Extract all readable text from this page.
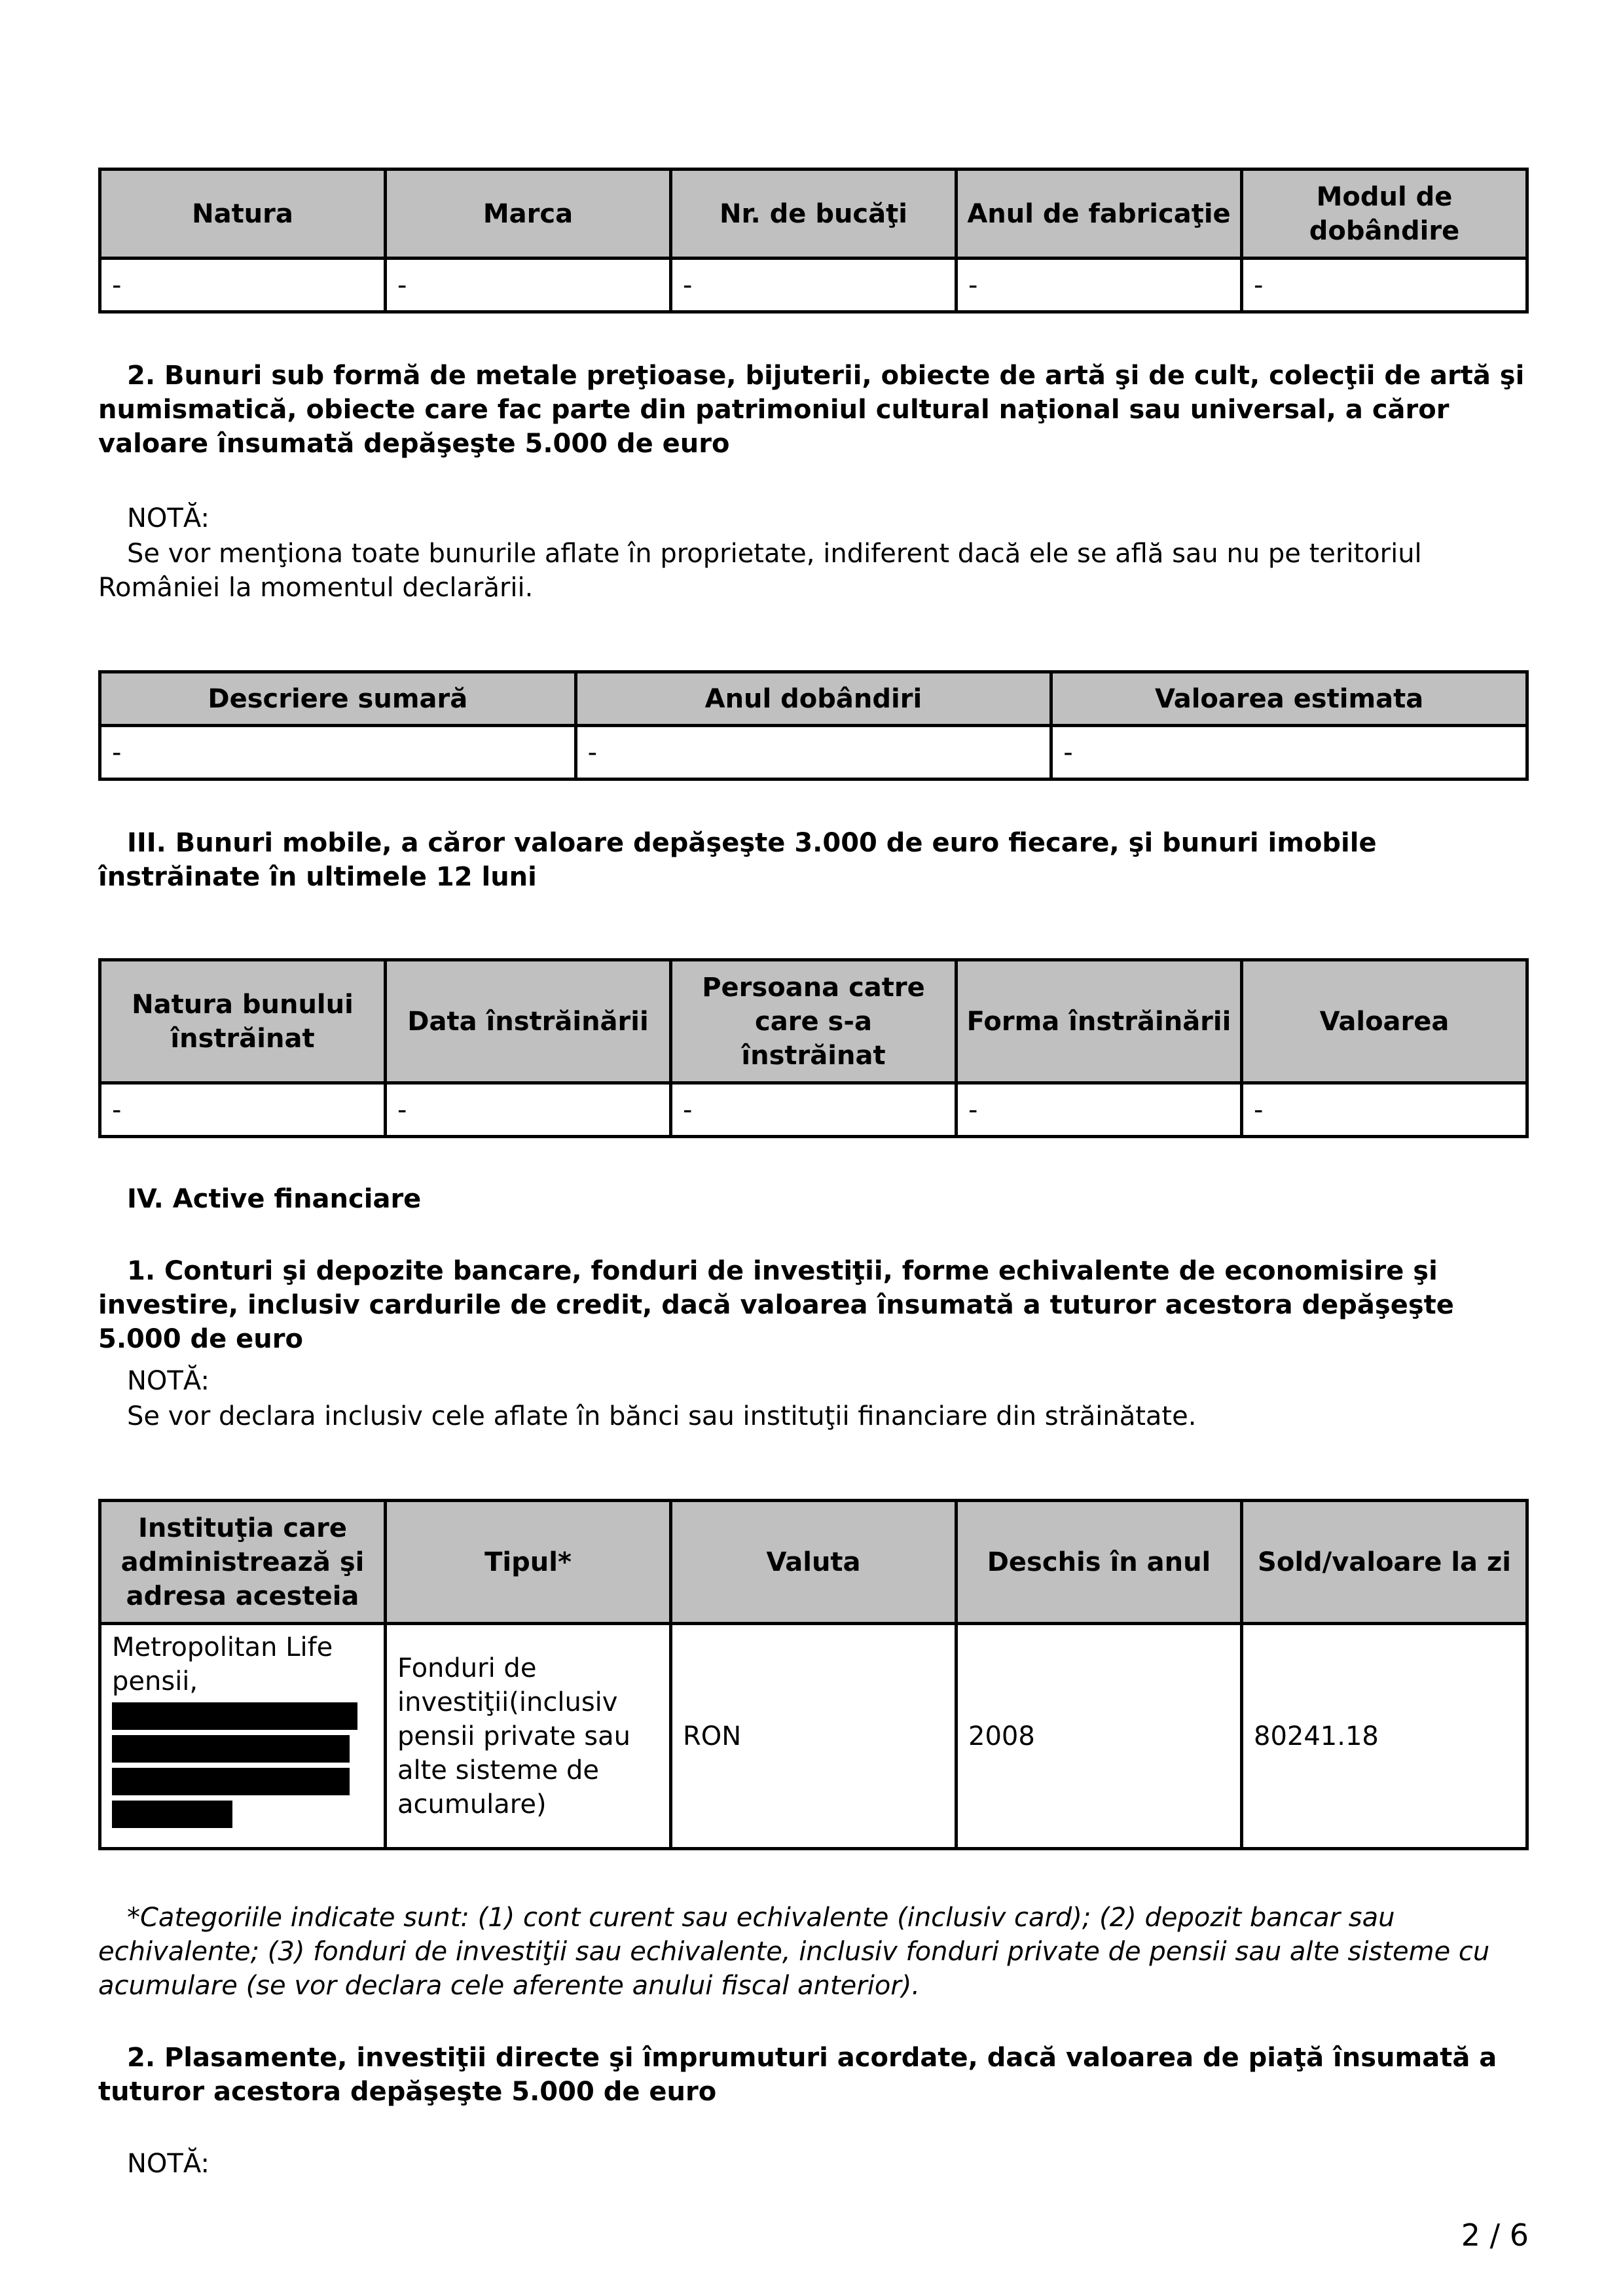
Natura	Marca	Nr. de bucăţi	Anul de fabricaţie	Modul de dobândire
-	-	-	-	-
2. Bunuri sub formă de metale preţioase, bijuterii, obiecte de artă şi de cult, colecţii de artă şi numismatică, obiecte care fac parte din patrimoniul cultural naţional sau universal, a căror valoare însumată depăşeşte 5.000 de euro
NOTĂ:
Se vor menţiona toate bunurile aflate în proprietate, indiferent dacă ele se află sau nu pe teritoriul României la momentul declarării.
Descriere sumară	Anul dobândiri	Valoarea estimata
-	-	-
III. Bunuri mobile, a căror valoare depăşeşte 3.000 de euro fiecare, şi bunuri imobile înstrăinate în ultimele 12 luni
Natura bunului înstrăinat	Data înstrăinării	Persoana catre care s-a înstrăinat	Forma înstrăinării	Valoarea
-	-	-	-	-
IV. Active financiare
1. Conturi şi depozite bancare, fonduri de investiţii, forme echivalente de economisire şi investire, inclusiv cardurile de credit, dacă valoarea însumată a tuturor acestora depăşeşte 5.000 de euro
NOTĂ:
Se vor declara inclusiv cele aflate în bănci sau instituţii financiare din străinătate.
Instituţia care administrează şi adresa acesteia	Tipul*	Valuta	Deschis în anul	Sold/valoare la zi
Metropolitan Life pensii,	Fonduri de investiţii(inclusiv pensii private sau alte sisteme de acumulare)	RON	2008	80241.18
*Categoriile indicate sunt: (1) cont curent sau echivalente (inclusiv card); (2) depozit bancar sau echivalente; (3) fonduri de investiţii sau echivalente, inclusiv fonduri private de pensii sau alte sisteme cu acumulare (se vor declara cele aferente anului fiscal anterior).
2. Plasamente, investiţii directe şi împrumuturi acordate, dacă valoarea de piaţă însumată a tuturor acestora depăşeşte 5.000 de euro
NOTĂ:
2 / 6
